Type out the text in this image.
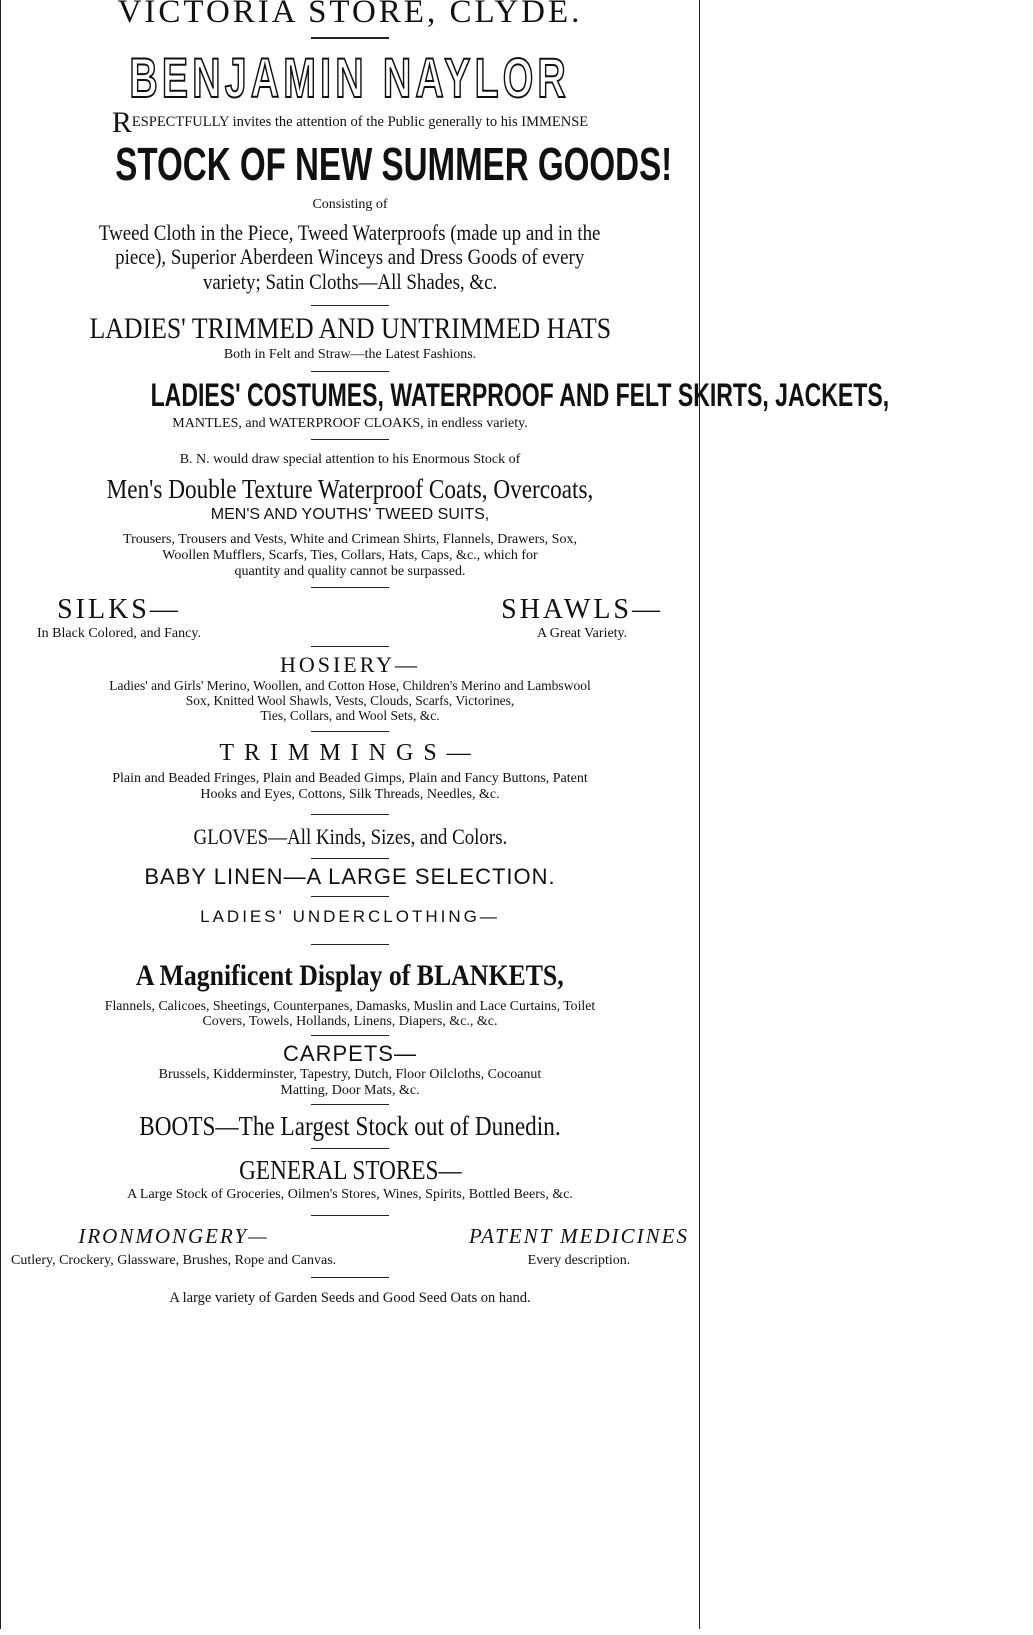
VICTORIA STORE, CLYDE.
BENJAMIN NAYLOR
RESPECTFULLY invites the attention of the Public generally to his IMMENSE
STOCK OF NEW SUMMER GOODS!
Consisting of
Tweed Cloth in the Piece, Tweed Waterproofs (made up and in the
piece), Superior Aberdeen Winceys and Dress Goods of every
variety; Satin Cloths—All Shades, &c.
LADIES' TRIMMED AND UNTRIMMED HATS
Both in Felt and Straw—the Latest Fashions.
LADIES' COSTUMES, WATERPROOF AND FELT SKIRTS, JACKETS,
MANTLES, and WATERPROOF CLOAKS, in endless variety.
B. N. would draw special attention to his Enormous Stock of
Men's Double Texture Waterproof Coats, Overcoats,
MEN'S AND YOUTHS' TWEED SUITS,
Trousers, Trousers and Vests, White and Crimean Shirts, Flannels, Drawers, Sox,
Woollen Mufflers, Scarfs, Ties, Collars, Hats, Caps, &c., which for
quantity and quality cannot be surpassed.
SILKS—
In Black Colored, and Fancy.
SHAWLS—
A Great Variety.
HOSIERY—
Ladies' and Girls' Merino, Woollen, and Cotton Hose, Children's Merino and Lambswool
Sox, Knitted Wool Shawls, Vests, Clouds, Scarfs, Victorines,
Ties, Collars, and Wool Sets, &c.
TRIMMINGS—
Plain and Beaded Fringes, Plain and Beaded Gimps, Plain and Fancy Buttons, Patent
Hooks and Eyes, Cottons, Silk Threads, Needles, &c.
GLOVES—All Kinds, Sizes, and Colors.
BABY LINEN—A LARGE SELECTION.
LADIES' UNDERCLOTHING—
A Magnificent Display of BLANKETS,
Flannels, Calicoes, Sheetings, Counterpanes, Damasks, Muslin and Lace Curtains, Toilet
Covers, Towels, Hollands, Linens, Diapers, &c., &c.
CARPETS—
Brussels, Kidderminster, Tapestry, Dutch, Floor Oilcloths, Cocoanut
Matting, Door Mats, &c.
BOOTS—The Largest Stock out of Dunedin.
GENERAL STORES—
A Large Stock of Groceries, Oilmen's Stores, Wines, Spirits, Bottled Beers, &c.
IRONMONGERY—
Cutlery, Crockery, Glassware, Brushes, Rope and Canvas.
PATENT MEDICINES
Every description.
A large variety of Garden Seeds and Good Seed Oats on hand.
